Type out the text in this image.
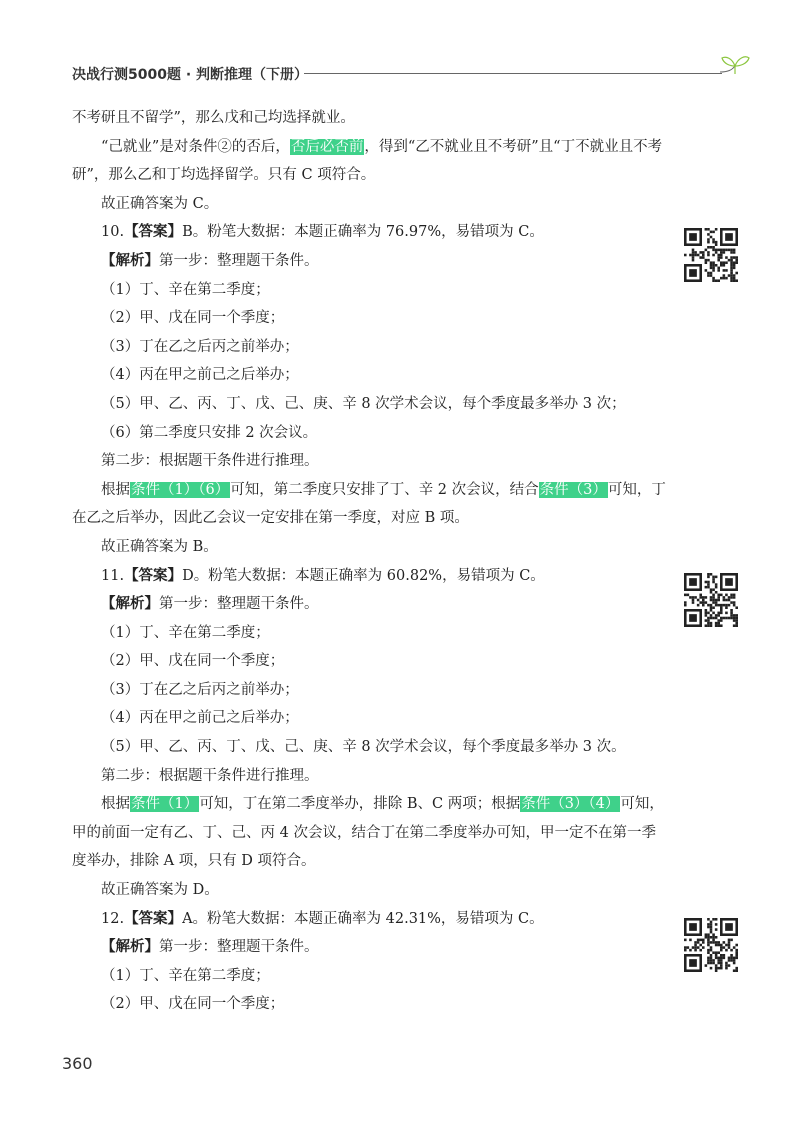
决战行测5000题 · 判断推理（下册）

不考研且不留学”，那么戊和己均选择就业。

“己就业”是对条件②的否后，否后必否前，得到“乙不就业且不考研”且“丁不就业且不考研”，那么乙和丁均选择留学。只有 C 项符合。

故正确答案为 C。

10.【答案】B。粉笔大数据：本题正确率为 76.97%，易错项为 C。

【解析】第一步：整理题干条件。

（1）丁、辛在第二季度；

（2）甲、戊在同一个季度；

（3）丁在乙之后丙之前举办；

（4）丙在甲之前己之后举办；

（5）甲、乙、丙、丁、戊、己、庚、辛 8 次学术会议，每个季度最多举办 3 次；

（6）第二季度只安排 2 次会议。

第二步：根据题干条件进行推理。

根据条件（1）（6）可知，第二季度只安排了丁、辛 2 次会议，结合条件（3）可知，丁在乙之后举办，因此乙会议一定安排在第一季度，对应 B 项。

故正确答案为 B。

11.【答案】D。粉笔大数据：本题正确率为 60.82%，易错项为 C。

【解析】第一步：整理题干条件。

（1）丁、辛在第二季度；

（2）甲、戊在同一个季度；

（3）丁在乙之后丙之前举办；

（4）丙在甲之前己之后举办；

（5）甲、乙、丙、丁、戊、己、庚、辛 8 次学术会议，每个季度最多举办 3 次。

第二步：根据题干条件进行推理。

根据条件（1）可知，丁在第二季度举办，排除 B、C 两项；根据条件（3）（4）可知，甲的前面一定有乙、丁、己、丙 4 次会议，结合丁在第二季度举办可知，甲一定不在第一季度举办，排除 A 项，只有 D 项符合。

故正确答案为 D。

12.【答案】A。粉笔大数据：本题正确率为 42.31%，易错项为 C。

【解析】第一步：整理题干条件。

（1）丁、辛在第二季度；

（2）甲、戊在同一个季度；

360
